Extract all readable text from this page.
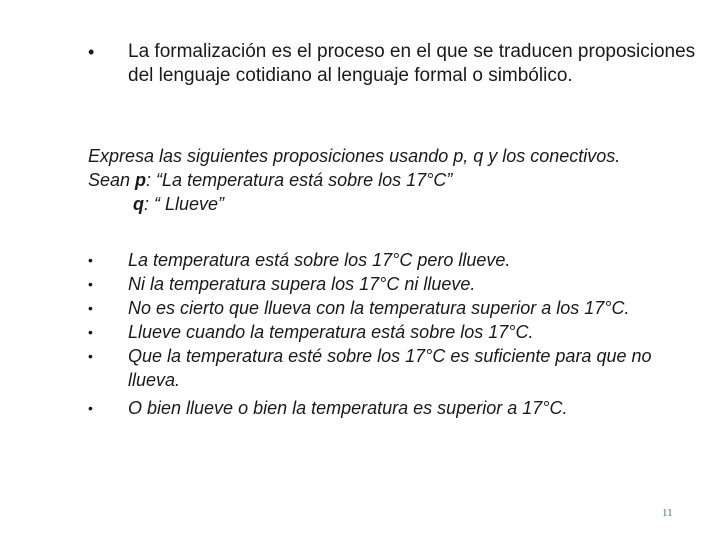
• La formalización es el proceso en el que se traducen proposiciones del lenguaje cotidiano al lenguaje formal o simbólico.
Expresa las siguientes proposiciones usando p, q y los conectivos.
Sean p: “La temperatura está sobre los 17°C”
q: “ Llueve”
• La temperatura está sobre los 17°C pero llueve.
• Ni la temperatura supera los 17°C ni llueve.
• No es cierto que llueva con la temperatura superior a los 17°C.
• Llueve cuando la temperatura está sobre los 17°C.
• Que la temperatura esté sobre los 17°C es suficiente para que no llueva.
• O bien llueve o bien la temperatura es superior a 17°C.
11
